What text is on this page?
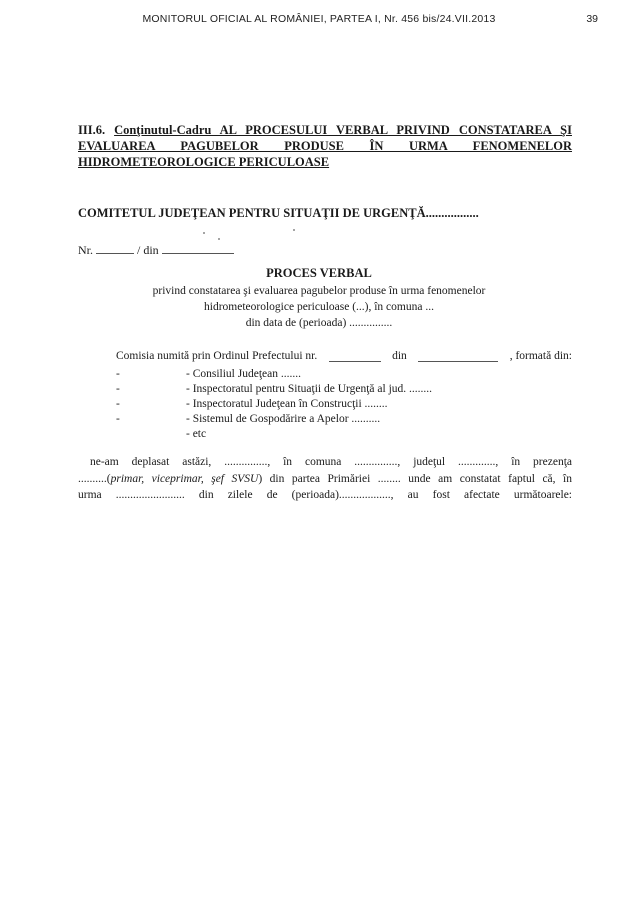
MONITORUL OFICIAL AL ROMÂNIEI, PARTEA I, Nr. 456 bis/24.VII.2013	39
III.6. Conţinutul-Cadru AL PROCESULUI VERBAL PRIVIND CONSTATAREA ŞI
EVALUAREA PAGUBELOR PRODUSE ÎN URMA FENOMENELOR
HIDROMETEOROLOGICE PERICULOASE
COMITETUL JUDEŢEAN PENTRU SITUAŢII DE URGENŢĂ.................
Nr.	/ din
PROCES VERBAL
privind constatarea şi evaluarea pagubelor produse în urma fenomenelor
hidrometeorologice periculoase (...), în comuna ...
din data de (perioada) ...............
Comisia numită prin Ordinul Prefectului nr.	din	, formată din:
-	- Consiliul Judeţean .......
-	- Inspectoratul pentru Situaţii de Urgenţă al jud. ........
-	- Inspectoratul Judeţean în Construcţii ........
-	- Sistemul de Gospodărire a Apelor ..........
- etc
ne-am deplasat astăzi, ..............., în comuna ..............., judeţul ............., în prezenţa
..........(primar, viceprimar, şef SVSU) din partea Primăriei ........ unde am constatat faptul că, în
urma ........................ din zilele de (perioada).................., au fost afectate următoarele:
